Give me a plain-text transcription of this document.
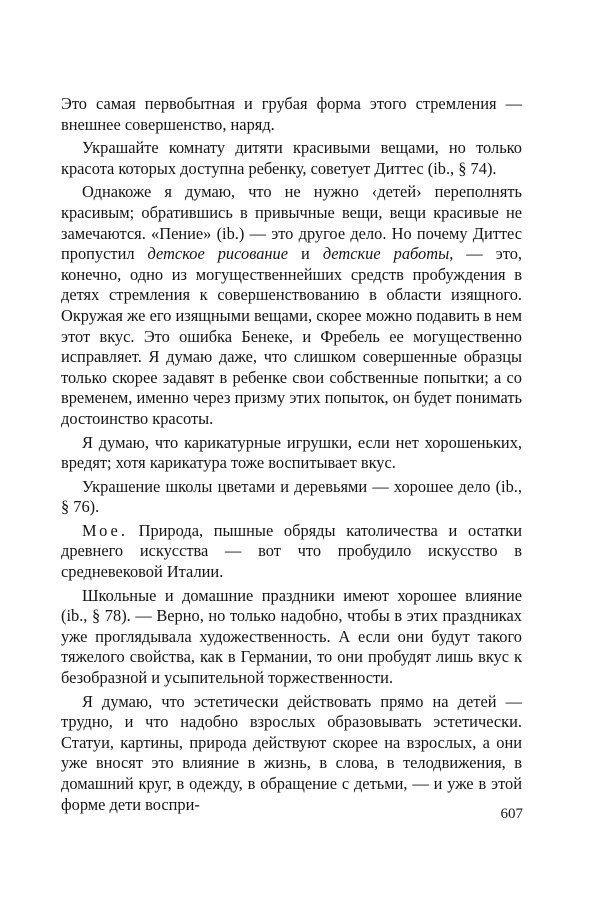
Это самая первобытная и грубая форма этого стремления — внешнее совершенство, наряд.

Украшайте комнату дитяти красивыми вещами, но только красота которых доступна ребенку, советует Диттес (ib., § 74).

Однакоже я думаю, что не нужно ‹детей› переполнять красивым; обратившись в привычные вещи, вещи красивые не замечаются. «Пение» (ib.) — это другое дело. Но почему Диттес пропустил детское рисование и детские работы, — это, конечно, одно из могущественнейших средств пробуждения в детях стремления к совершенствованию в области изящного. Окружая же его изящными вещами, скорее можно подавить в нем этот вкус. Это ошибка Бенеке, и Фребель ее могущественно исправляет. Я думаю даже, что слишком совершенные образцы только скорее задавят в ребенке свои собственные попытки; а со временем, именно через призму этих попыток, он будет понимать достоинство красоты.

Я думаю, что карикатурные игрушки, если нет хорошеньких, вредят; хотя карикатура тоже воспитывает вкус.

Украшение школы цветами и деревьями — хорошее дело (ib., § 76).

Мое. Природа, пышные обряды католичества и остатки древнего искусства — вот что пробудило искусство в средневековой Италии.

Школьные и домашние праздники имеют хорошее влияние (ib., § 78). — Верно, но только надобно, чтобы в этих праздниках уже проглядывала художественность. А если они будут такого тяжелого свойства, как в Германии, то они пробудят лишь вкус к безобразной и усыпительной торжественности.

Я думаю, что эстетически действовать прямо на детей — трудно, и что надобно взрослых образовывать эстетически. Статуи, картины, природа действуют скорее на взрослых, а они уже вносят это влияние в жизнь, в слова, в телодвижения, в домашний круг, в одежду, в обращение с детьми, — и уже в этой форме дети воспри-

607
